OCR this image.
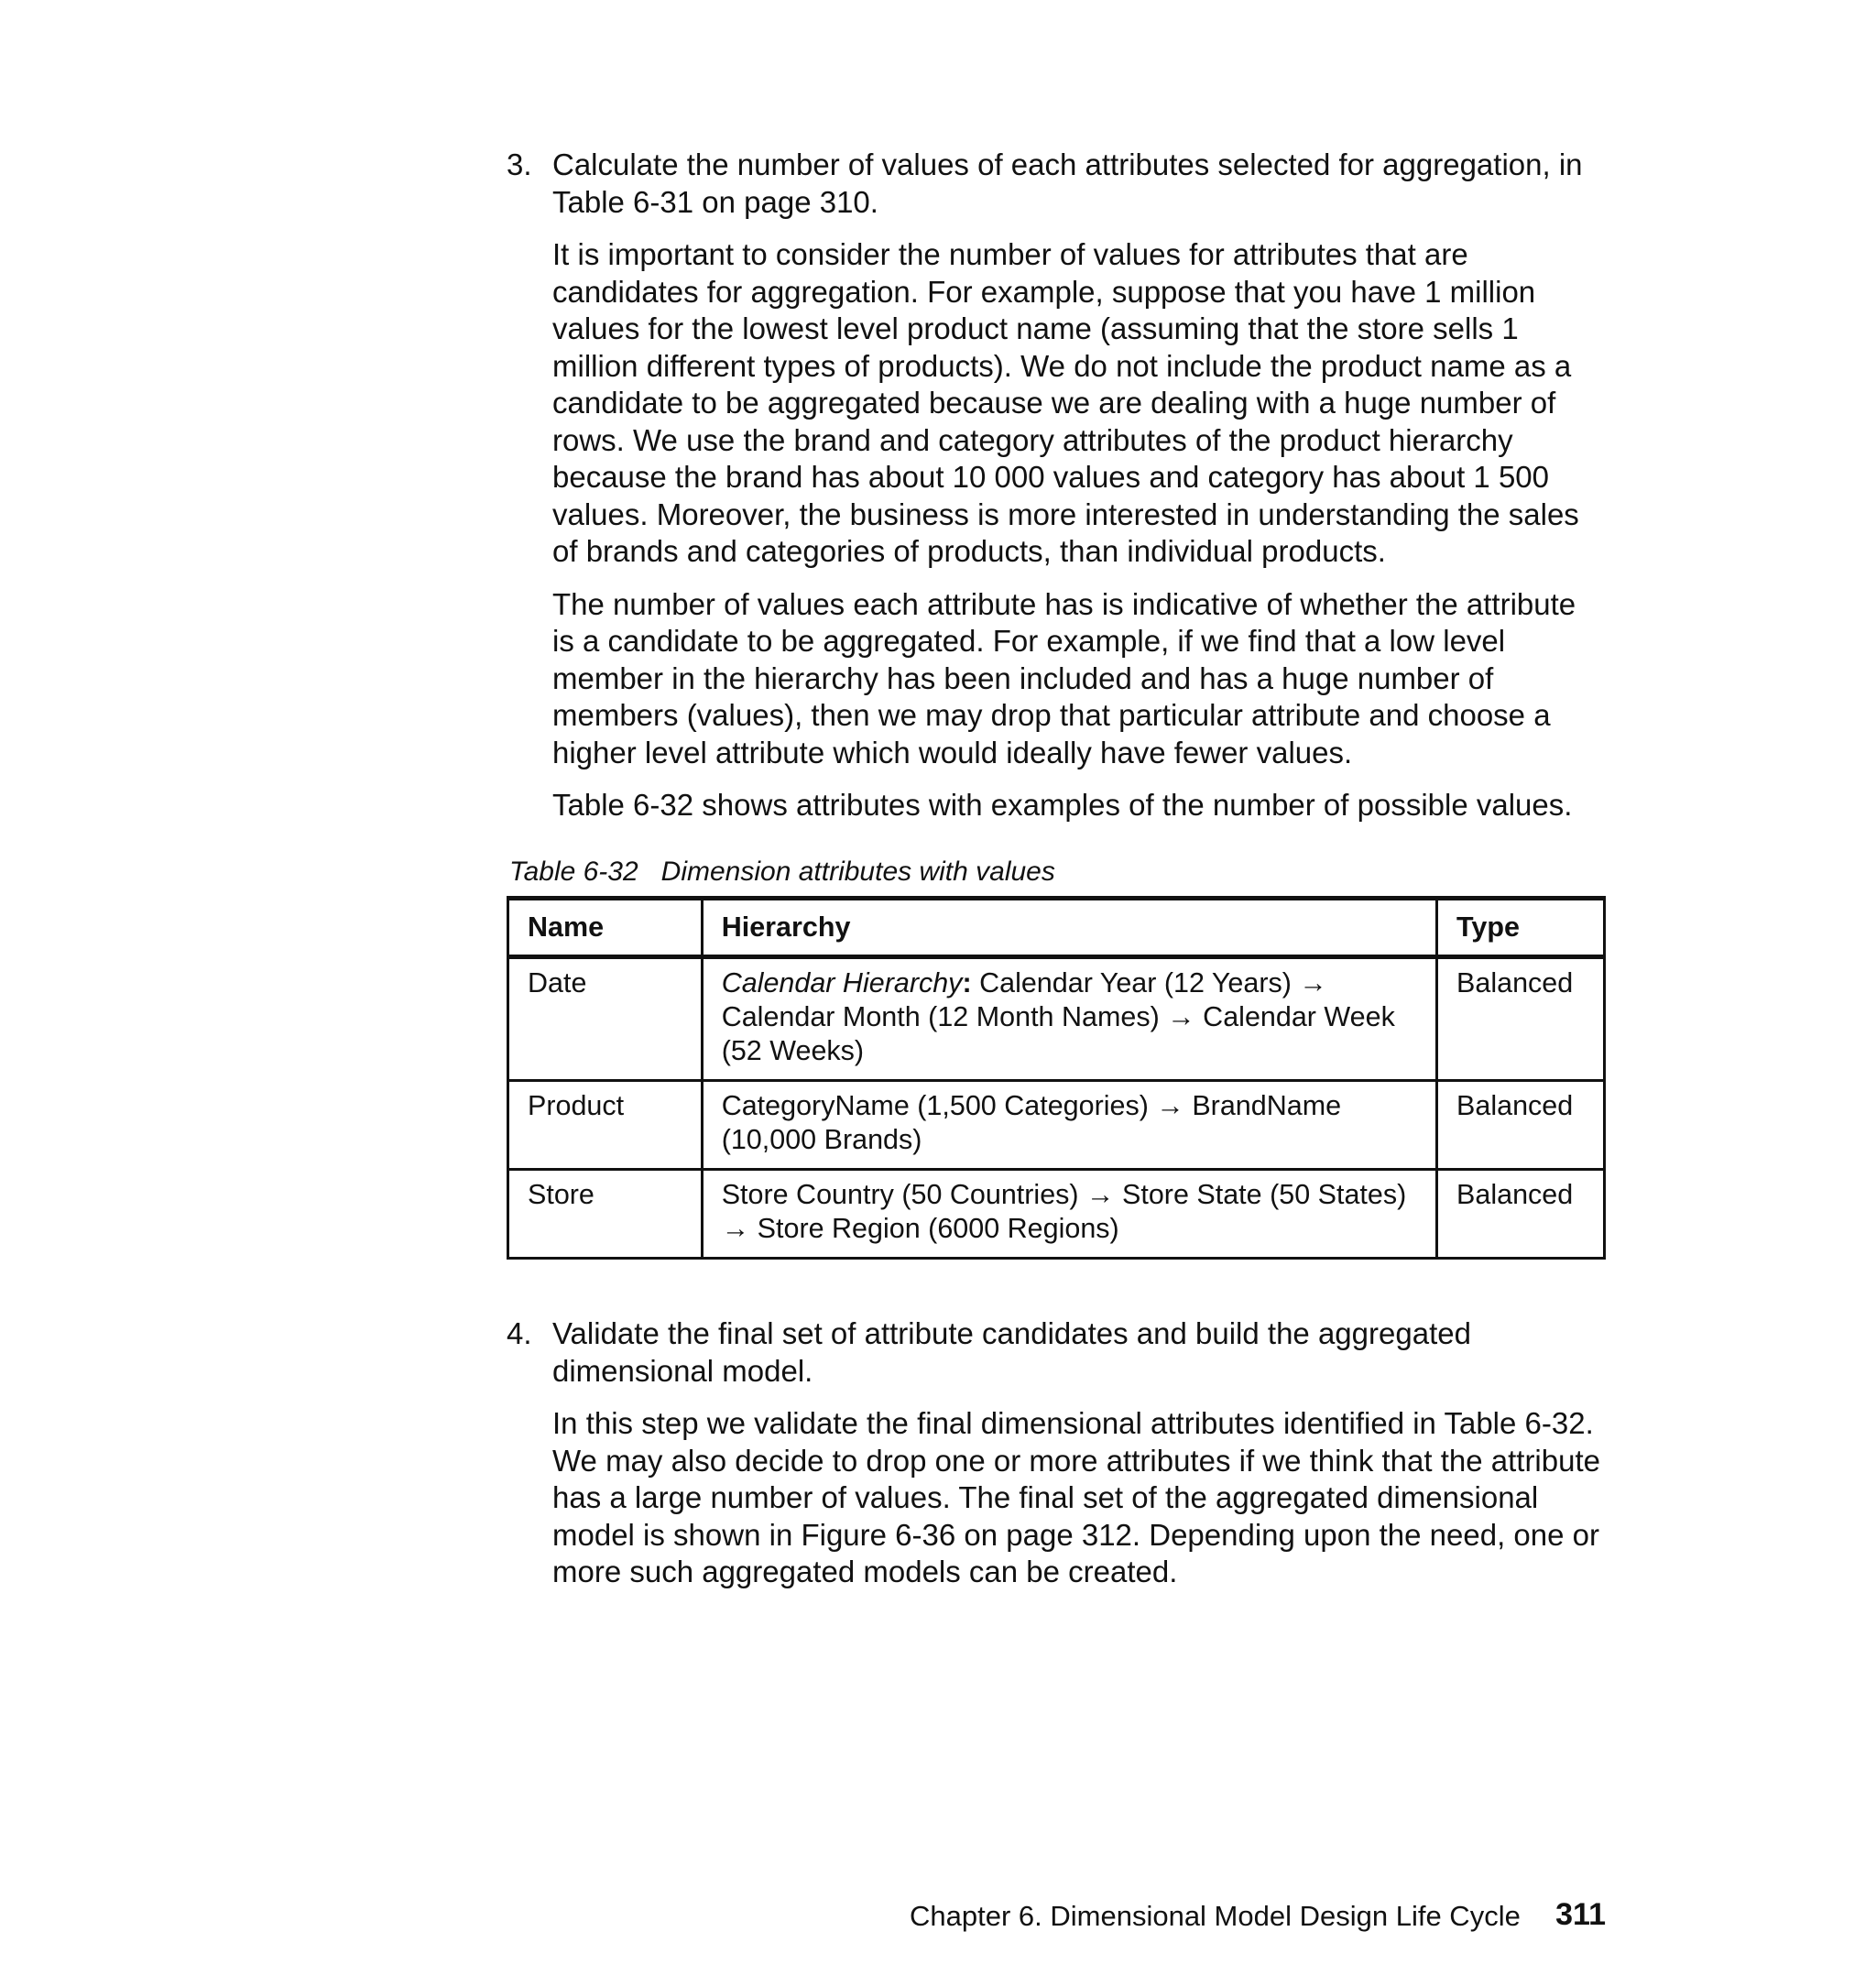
3. Calculate the number of values of each attributes selected for aggregation, in Table 6-31 on page 310.

It is important to consider the number of values for attributes that are candidates for aggregation. For example, suppose that you have 1 million values for the lowest level product name (assuming that the store sells 1 million different types of products). We do not include the product name as a candidate to be aggregated because we are dealing with a huge number of rows. We use the brand and category attributes of the product hierarchy because the brand has about 10 000 values and category has about 1 500 values. Moreover, the business is more interested in understanding the sales of brands and categories of products, than individual products.

The number of values each attribute has is indicative of whether the attribute is a candidate to be aggregated. For example, if we find that a low level member in the hierarchy has been included and has a huge number of members (values), then we may drop that particular attribute and choose a higher level attribute which would ideally have fewer values.

Table 6-32 shows attributes with examples of the number of possible values.

Table 6-32   Dimension attributes with values
Name	Hierarchy	Type
Date	Calendar Hierarchy: Calendar Year (12 Years) → Calendar Month (12 Month Names) → Calendar Week (52 Weeks)	Balanced
Product	CategoryName (1,500 Categories) → BrandName (10,000 Brands)	Balanced
Store	Store Country (50 Countries) → Store State (50 States) → Store Region (6000 Regions)	Balanced
4. Validate the final set of attribute candidates and build the aggregated dimensional model.

In this step we validate the final dimensional attributes identified in Table 6-32. We may also decide to drop one or more attributes if we think that the attribute has a large number of values. The final set of the aggregated dimensional model is shown in Figure 6-36 on page 312. Depending upon the need, one or more such aggregated models can be created.

Chapter 6. Dimensional Model Design Life Cycle 311
